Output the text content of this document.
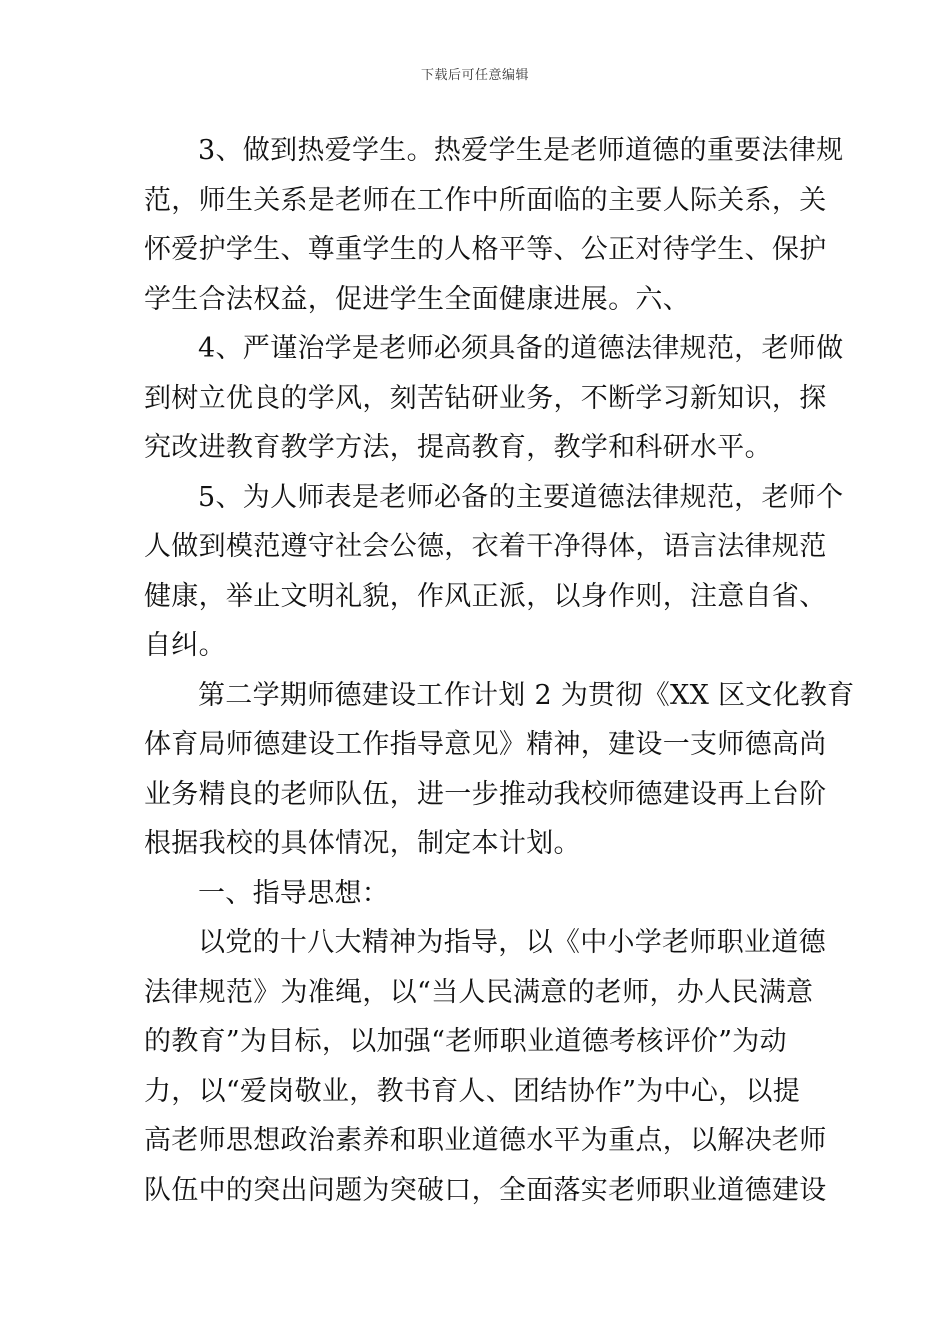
下载后可任意编辑
3、做到热爱学生。热爱学生是老师道德的重要法律规
范，师生关系是老师在工作中所面临的主要人际关系，关
怀爱护学生、尊重学生的人格平等、公正对待学生、保护
学生合法权益，促进学生全面健康进展。六、
4、严谨治学是老师必须具备的道德法律规范，老师做
到树立优良的学风，刻苦钻研业务，不断学习新知识，探
究改进教育教学方法，提高教育，教学和科研水平。
5、为人师表是老师必备的主要道德法律规范，老师个
人做到模范遵守社会公德，衣着干净得体，语言法律规范
健康，举止文明礼貌，作风正派，以身作则，注意自省、
自纠。
第二学期师德建设工作计划 2 为贯彻《XX 区文化教育
体育局师德建设工作指导意见》精神，建设一支师德高尚
业务精良的老师队伍，进一步推动我校师德建设再上台阶
根据我校的具体情况，制定本计划。
一、指导思想：
以党的十八大精神为指导，以《中小学老师职业道德
法律规范》为准绳，以“当人民满意的老师，办人民满意
的教育”为目标，以加强“老师职业道德考核评价”为动
力，以“爱岗敬业，教书育人、团结协作”为中心，以提
高老师思想政治素养和职业道德水平为重点，以解决老师
队伍中的突出问题为突破口，全面落实老师职业道德建设
